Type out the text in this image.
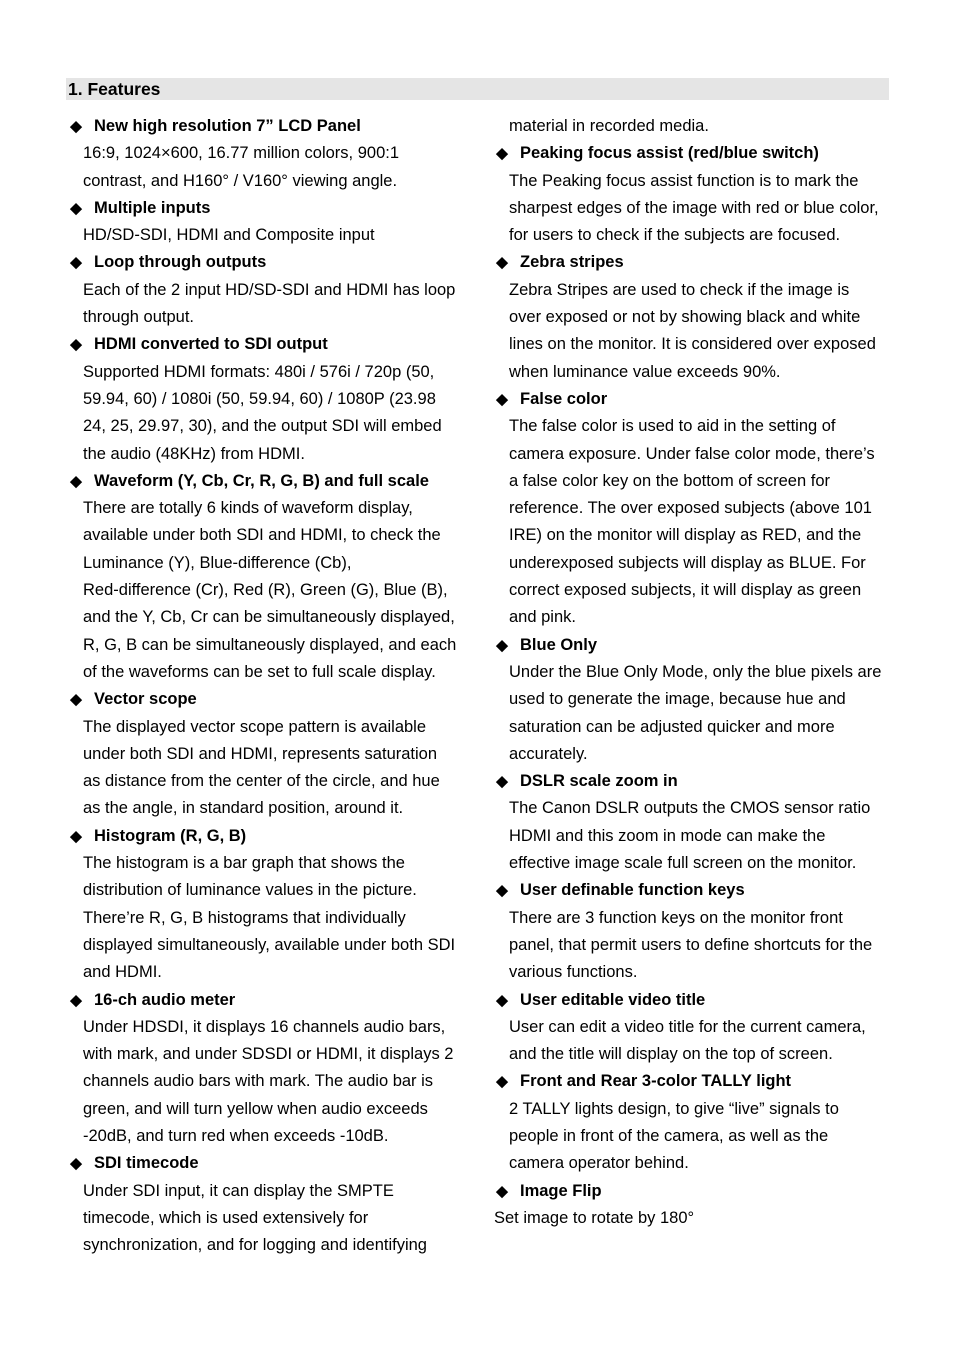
1. Features
◆ New high resolution 7” LCD Panel
16:9, 1024×600, 16.77 million colors, 900:1
contrast, and H160° / V160° viewing angle.
◆ Multiple inputs
HD/SD-SDI, HDMI and Composite input
◆ Loop through outputs
Each of the 2 input HD/SD-SDI and HDMI has loop
through output.
◆ HDMI converted to SDI output
Supported HDMI formats: 480i / 576i / 720p (50,
59.94, 60) / 1080i (50, 59.94, 60) / 1080P (23.98
24, 25, 29.97, 30), and the output SDI will embed
the audio (48KHz) from HDMI.
◆ Waveform (Y, Cb, Cr, R, G, B) and full scale
There are totally 6 kinds of waveform display,
available under both SDI and HDMI, to check the
Luminance (Y), Blue-difference (Cb),
Red-difference (Cr), Red (R), Green (G), Blue (B),
and the Y, Cb, Cr can be simultaneously displayed,
R, G, B can be simultaneously displayed, and each
of the waveforms can be set to full scale display.
◆ Vector scope
The displayed vector scope pattern is available
under both SDI and HDMI, represents saturation
as distance from the center of the circle, and hue
as the angle, in standard position, around it.
◆ Histogram (R, G, B)
The histogram is a bar graph that shows the
distribution of luminance values in the picture.
There’re R, G, B histograms that individually
displayed simultaneously, available under both SDI
and HDMI.
◆ 16-ch audio meter
Under HDSDI, it displays 16 channels audio bars,
with mark, and under SDSDI or HDMI, it displays 2
channels audio bars with mark. The audio bar is
green, and will turn yellow when audio exceeds
-20dB, and turn red when exceeds -10dB.
◆ SDI timecode
Under SDI input, it can display the SMPTE
timecode, which is used extensively for
synchronization, and for logging and identifying
material in recorded media.
◆ Peaking focus assist (red/blue switch)
The Peaking focus assist function is to mark the
sharpest edges of the image with red or blue color,
for users to check if the subjects are focused.
◆ Zebra stripes
Zebra Stripes are used to check if the image is
over exposed or not by showing black and white
lines on the monitor. It is considered over exposed
when luminance value exceeds 90%.
◆ False color
The false color is used to aid in the setting of
camera exposure. Under false color mode, there’s
a false color key on the bottom of screen for
reference. The over exposed subjects (above 101
IRE) on the monitor will display as RED, and the
underexposed subjects will display as BLUE. For
correct exposed subjects, it will display as green
and pink.
◆ Blue Only
Under the Blue Only Mode, only the blue pixels are
used to generate the image, because hue and
saturation can be adjusted quicker and more
accurately.
◆ DSLR scale zoom in
The Canon DSLR outputs the CMOS sensor ratio
HDMI and this zoom in mode can make the
effective image scale full screen on the monitor.
◆ User definable function keys
There are 3 function keys on the monitor front
panel, that permit users to define shortcuts for the
various functions.
◆ User editable video title
User can edit a video title for the current camera,
and the title will display on the top of screen.
◆ Front and Rear 3-color TALLY light
2 TALLY lights design, to give “live” signals to
people in front of the camera, as well as the
camera operator behind.
◆ Image Flip
Set image to rotate by 180°
